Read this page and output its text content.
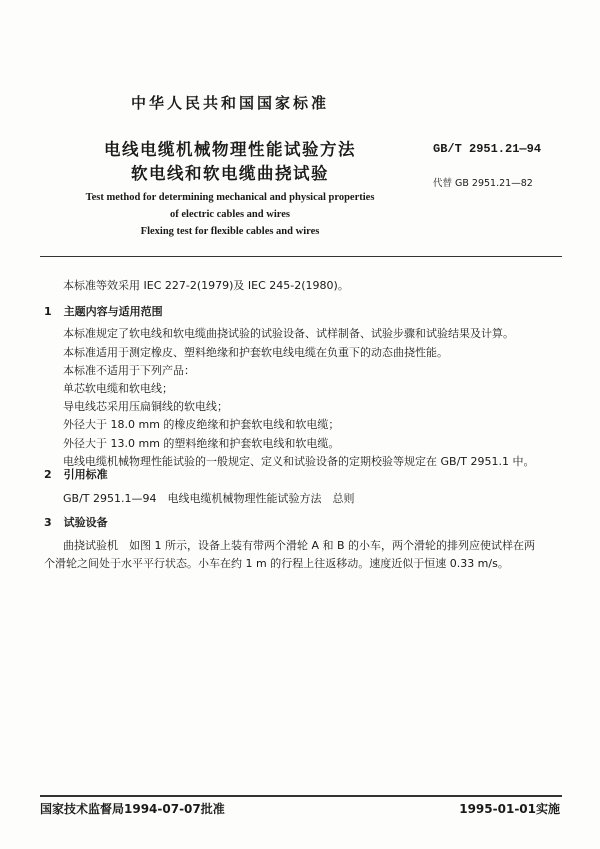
中华人民共和国国家标准
电线电缆机械物理性能试验方法
软电线和软电缆曲挠试验
GB/T 2951.21—94
代替 GB 2951.21—82
Test method for determining mechanical and physical properties
of electric cables and wires
Flexing test for flexible cables and wires
本标准等效采用 IEC 227-2(1979)及 IEC 245-2(1980)。
1 主题内容与适用范围
本标准规定了软电线和软电缆曲挠试验的试验设备、试样制备、试验步骤和试验结果及计算。
本标准适用于测定橡皮、塑料绝缘和护套软电线电缆在负重下的动态曲挠性能。
本标准不适用于下列产品：
单芯软电缆和软电线；
导电线芯采用压扁铜线的软电线；
外径大于 18.0 mm 的橡皮绝缘和护套软电线和软电缆；
外径大于 13.0 mm 的塑料绝缘和护套软电线和软电缆。
电线电缆机械物理性能试验的一般规定、定义和试验设备的定期校验等规定在 GB/T 2951.1 中。
2 引用标准
GB/T 2951.1—94　电线电缆机械物理性能试验方法　总则
3 试验设备
曲挠试验机　如图 1 所示，设备上装有带两个滑轮 A 和 B 的小车，两个滑轮的排列应使试样在两
个滑轮之间处于水平平行状态。小车在约 1 m 的行程上往返移动。速度近似于恒速 0.33 m/s。
国家技术监督局1994-07-07批准	1995-01-01实施
